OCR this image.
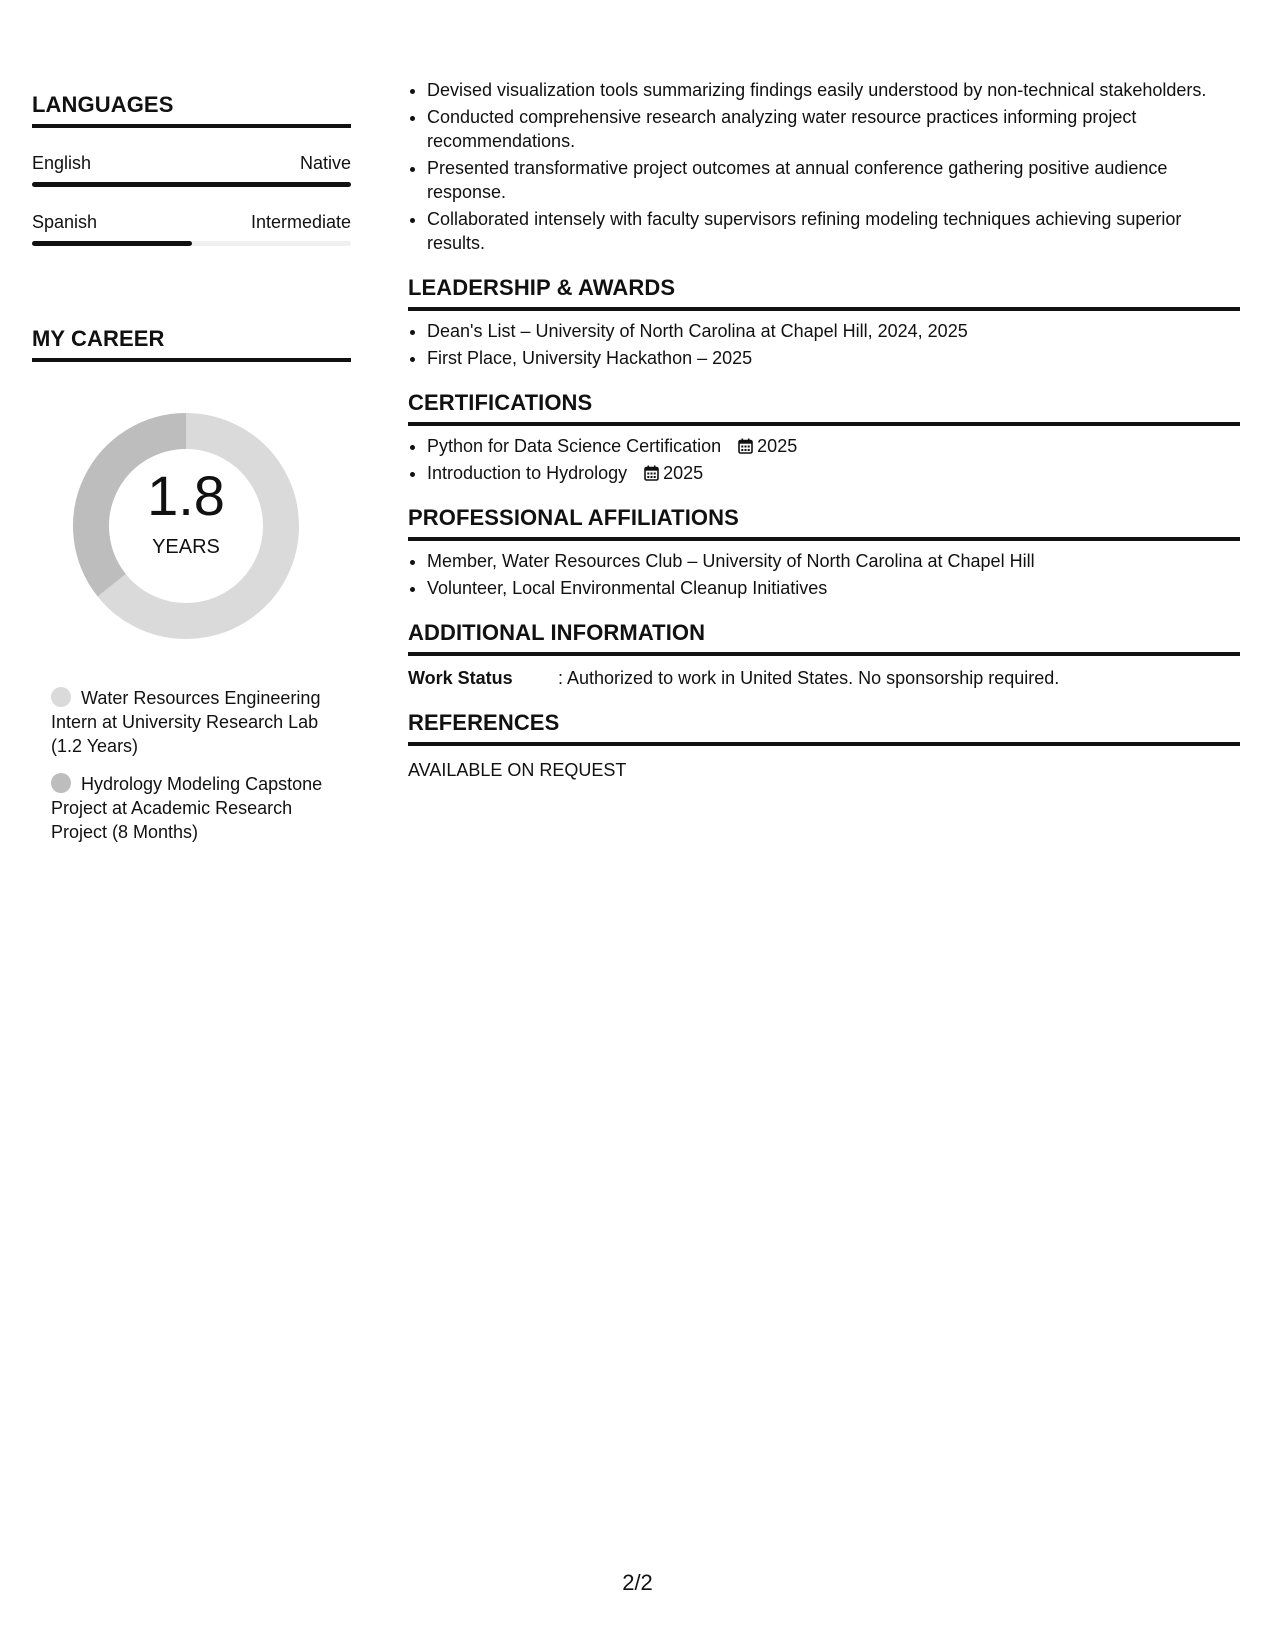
LANGUAGES
English	Native
Spanish	Intermediate
MY CAREER
1.8
YEARS
Water Resources Engineering Intern at University Research Lab (1.2 Years)
Hydrology Modeling Capstone Project at Academic Research Project (8 Months)
• Devised visualization tools summarizing findings easily understood by non-technical stakeholders.
• Conducted comprehensive research analyzing water resource practices informing project recommendations.
• Presented transformative project outcomes at annual conference gathering positive audience response.
• Collaborated intensely with faculty supervisors refining modeling techniques achieving superior results.
LEADERSHIP & AWARDS
• Dean's List – University of North Carolina at Chapel Hill, 2024, 2025
• First Place, University Hackathon – 2025
CERTIFICATIONS
• Python for Data Science Certification 2025
• Introduction to Hydrology 2025
PROFESSIONAL AFFILIATIONS
• Member, Water Resources Club – University of North Carolina at Chapel Hill
• Volunteer, Local Environmental Cleanup Initiatives
ADDITIONAL INFORMATION
Work Status	: Authorized to work in United States. No sponsorship required.
REFERENCES
AVAILABLE ON REQUEST
2/2
